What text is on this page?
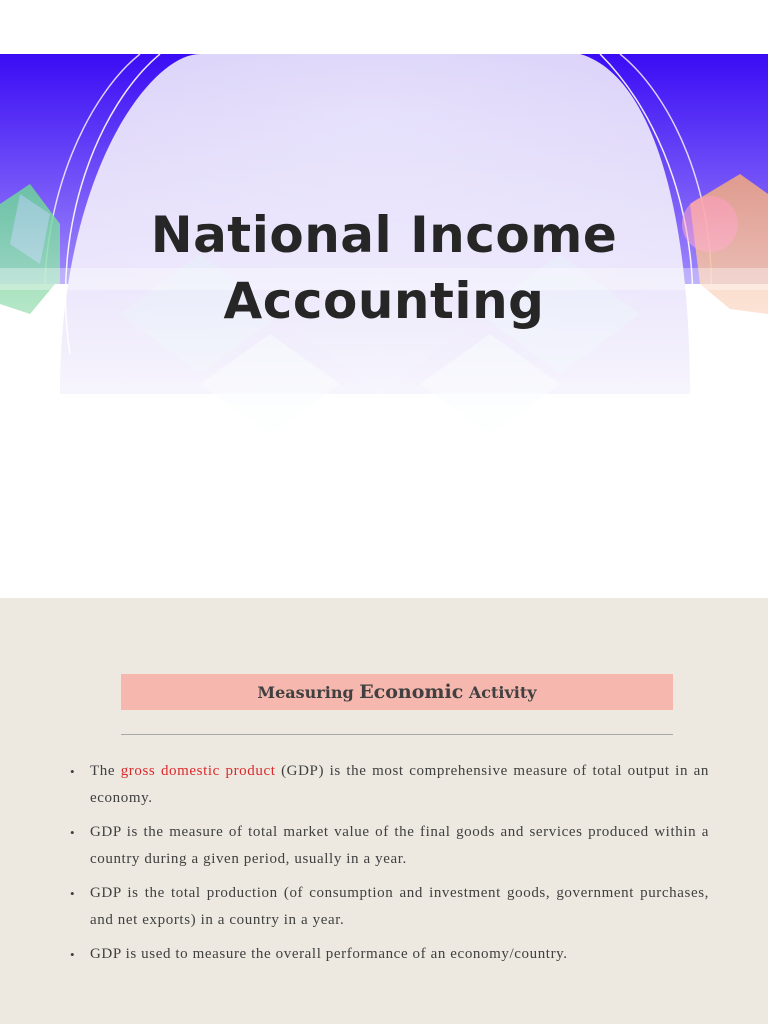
National Income
Accounting
Measuring Economic Activity
• The gross domestic product (GDP) is the most comprehensive measure of total output in an economy.
• GDP is the measure of total market value of the final goods and services produced within a country during a given period, usually in a year.
• GDP is the total production (of consumption and investment goods, government purchases, and net exports) in a country in a year.
• GDP is used to measure the overall performance of an economy/country.
